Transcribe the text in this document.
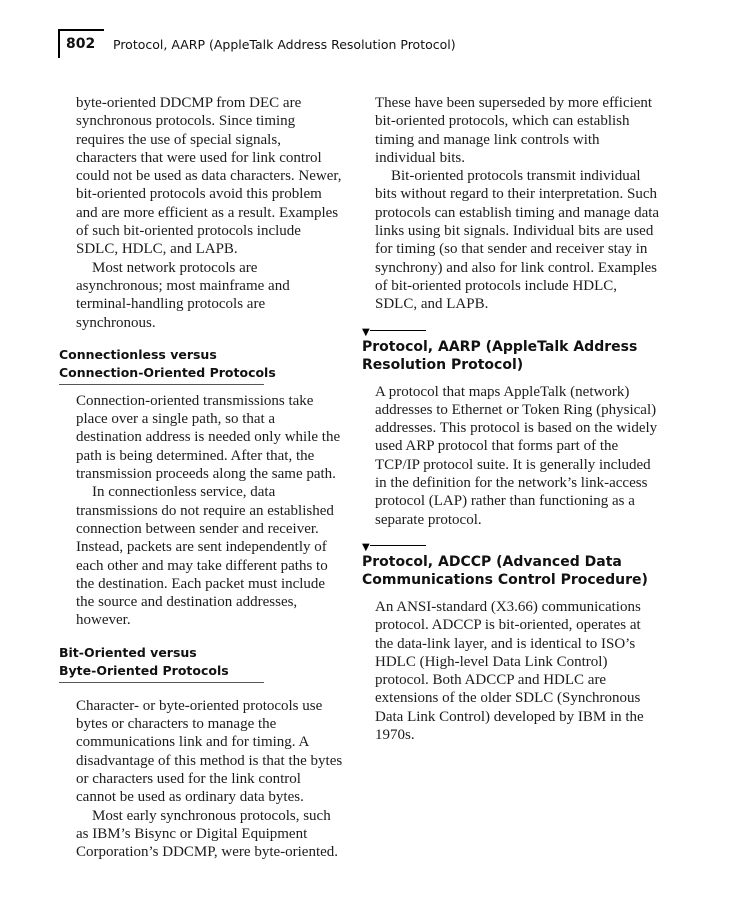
802 Protocol, AARP (AppleTalk Address Resolution Protocol)

byte-oriented DDCMP from DEC are synchronous protocols. Since timing requires the use of special signals, characters that were used for link control could not be used as data characters. Newer, bit-oriented protocols avoid this problem and are more efficient as a result. Examples of such bit-oriented protocols include SDLC, HDLC, and LAPB.

Most network protocols are asynchronous; most mainframe and terminal-handling protocols are synchronous.

Connectionless versus
Connection-Oriented Protocols

Connection-oriented transmissions take place over a single path, so that a destination address is needed only while the path is being determined. After that, the transmission proceeds along the same path.

In connectionless service, data transmissions do not require an established connection between sender and receiver. Instead, packets are sent independently of each other and may take different paths to the destination. Each packet must include the source and destination addresses, however.

Bit-Oriented versus
Byte-Oriented Protocols

Character- or byte-oriented protocols use bytes or characters to manage the communications link and for timing. A disadvantage of this method is that the bytes or characters used for the link control cannot be used as ordinary data bytes.

Most early synchronous protocols, such as IBM’s Bisync or Digital Equipment Corporation’s DDCMP, were byte-oriented.

These have been superseded by more efficient bit-oriented protocols, which can establish timing and manage link controls with individual bits.

Bit-oriented protocols transmit individual bits without regard to their interpretation. Such protocols can establish timing and manage data links using bit signals. Individual bits are used for timing (so that sender and receiver stay in synchrony) and also for link control. Examples of bit-oriented protocols include HDLC, SDLC, and LAPB.

▼

Protocol, AARP (AppleTalk Address
Resolution Protocol)

A protocol that maps AppleTalk (network) addresses to Ethernet or Token Ring (physical) addresses. This protocol is based on the widely used ARP protocol that forms part of the TCP/IP protocol suite. It is generally included in the definition for the network’s link-access protocol (LAP) rather than functioning as a separate protocol.

▼

Protocol, ADCCP (Advanced Data
Communications Control Procedure)

An ANSI-standard (X3.66) communications protocol. ADCCP is bit-oriented, operates at the data-link layer, and is identical to ISO’s HDLC (High-level Data Link Control) protocol. Both ADCCP and HDLC are extensions of the older SDLC (Synchronous Data Link Control) developed by IBM in the 1970s.
